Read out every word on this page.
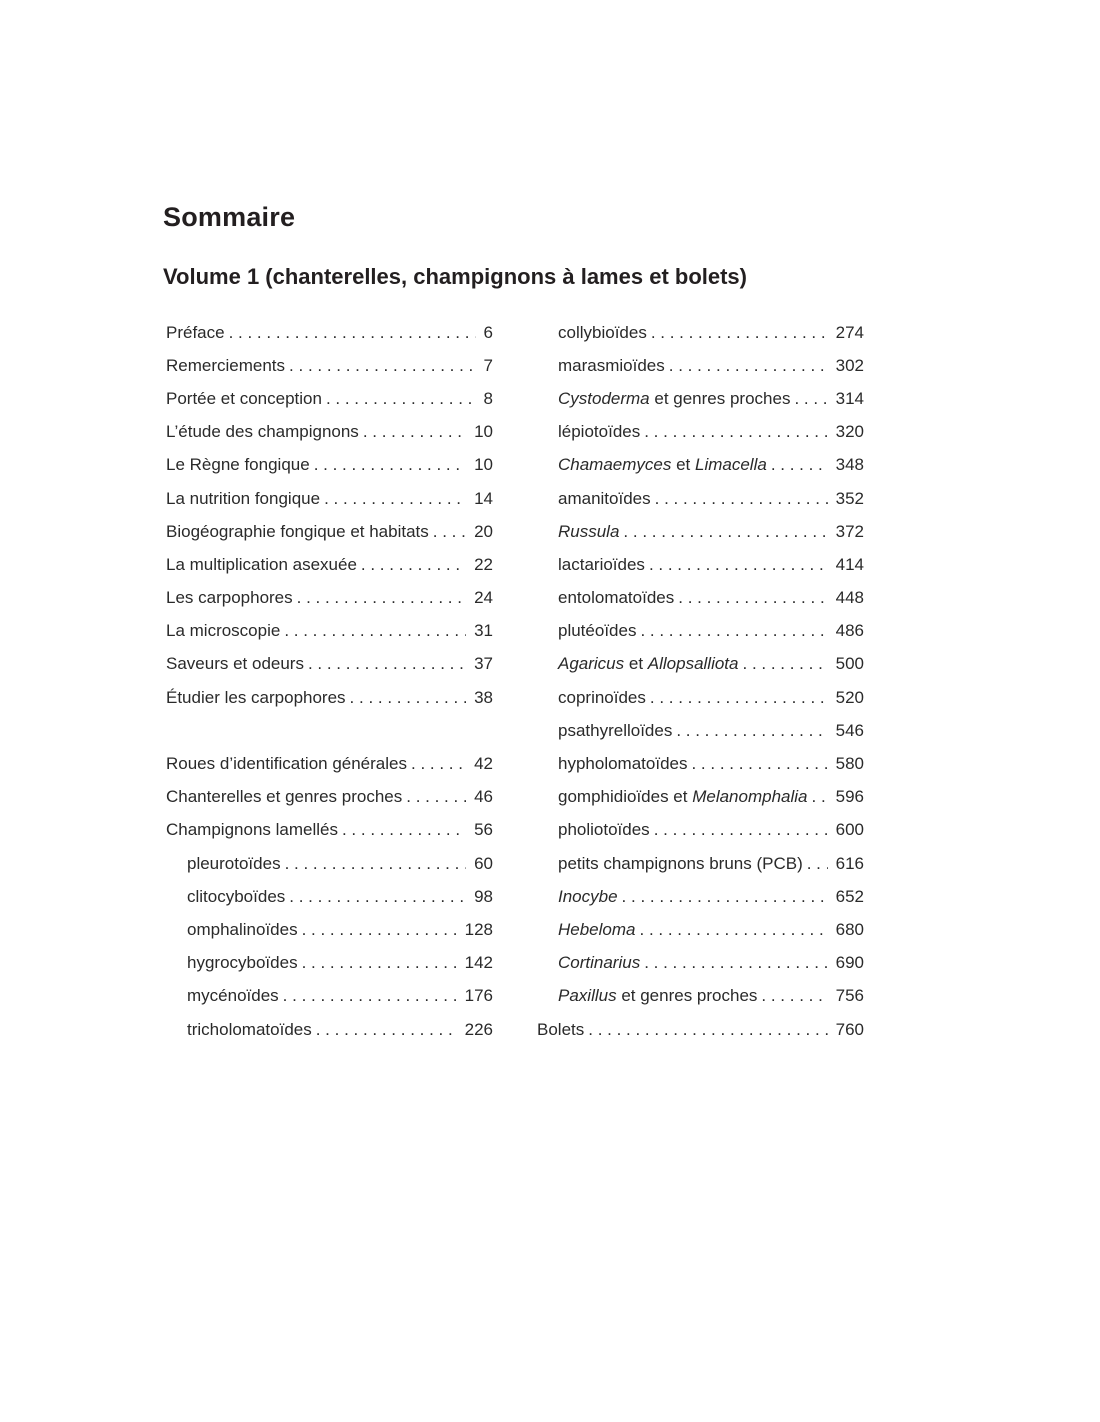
Sommaire
Volume 1 (chanterelles, champignons à lames et bolets)
Préface . . .	6
Remerciements . . .	7
Portée et conception . . .	8
L’étude des champignons . . .	10
Le Règne fongique . . .	10
La nutrition fongique . . .	14
Biogéographie fongique et habitats . . .	20
La multiplication asexuée . . .	22
Les carpophores . . .	24
La microscopie . . .	31
Saveurs et odeurs . . .	37
Étudier les carpophores . . .	38
Roues d’identification générales . . .	42
Chanterelles et genres proches . . .	46
Champignons lamellés . . .	56
pleurotoïdes . . .	60
clitocyboïdes . . .	98
omphalinoïdes . . .	128
hygrocyboïdes . . .	142
mycénoïdes . . .	176
tricholomatoïdes . . .	226
collybioïdes . . .	274
marasmioïdes . . .	302
Cystoderma et genres proches . . .	314
lépiotoïdes . . .	320
Chamaemyces et Limacella . . .	348
amanitoïdes . . .	352
Russula . . .	372
lactarioïdes . . .	414
entolomatoïdes . . .	448
plutéoïdes . . .	486
Agaricus et Allopsalliota . . .	500
coprinoïdes . . .	520
psathyrelloïdes . . .	546
hypholomatoïdes . . .	580
gomphidioïdes et Melanomphalia . . . 596
pholiotoïdes . . .	600
petits champignons bruns (PCB) . . . 616
Inocybe . . .	652
Hebeloma . . .	680
Cortinarius . . .	690
Paxillus et genres proches . . .	756
Bolets . . .	760
